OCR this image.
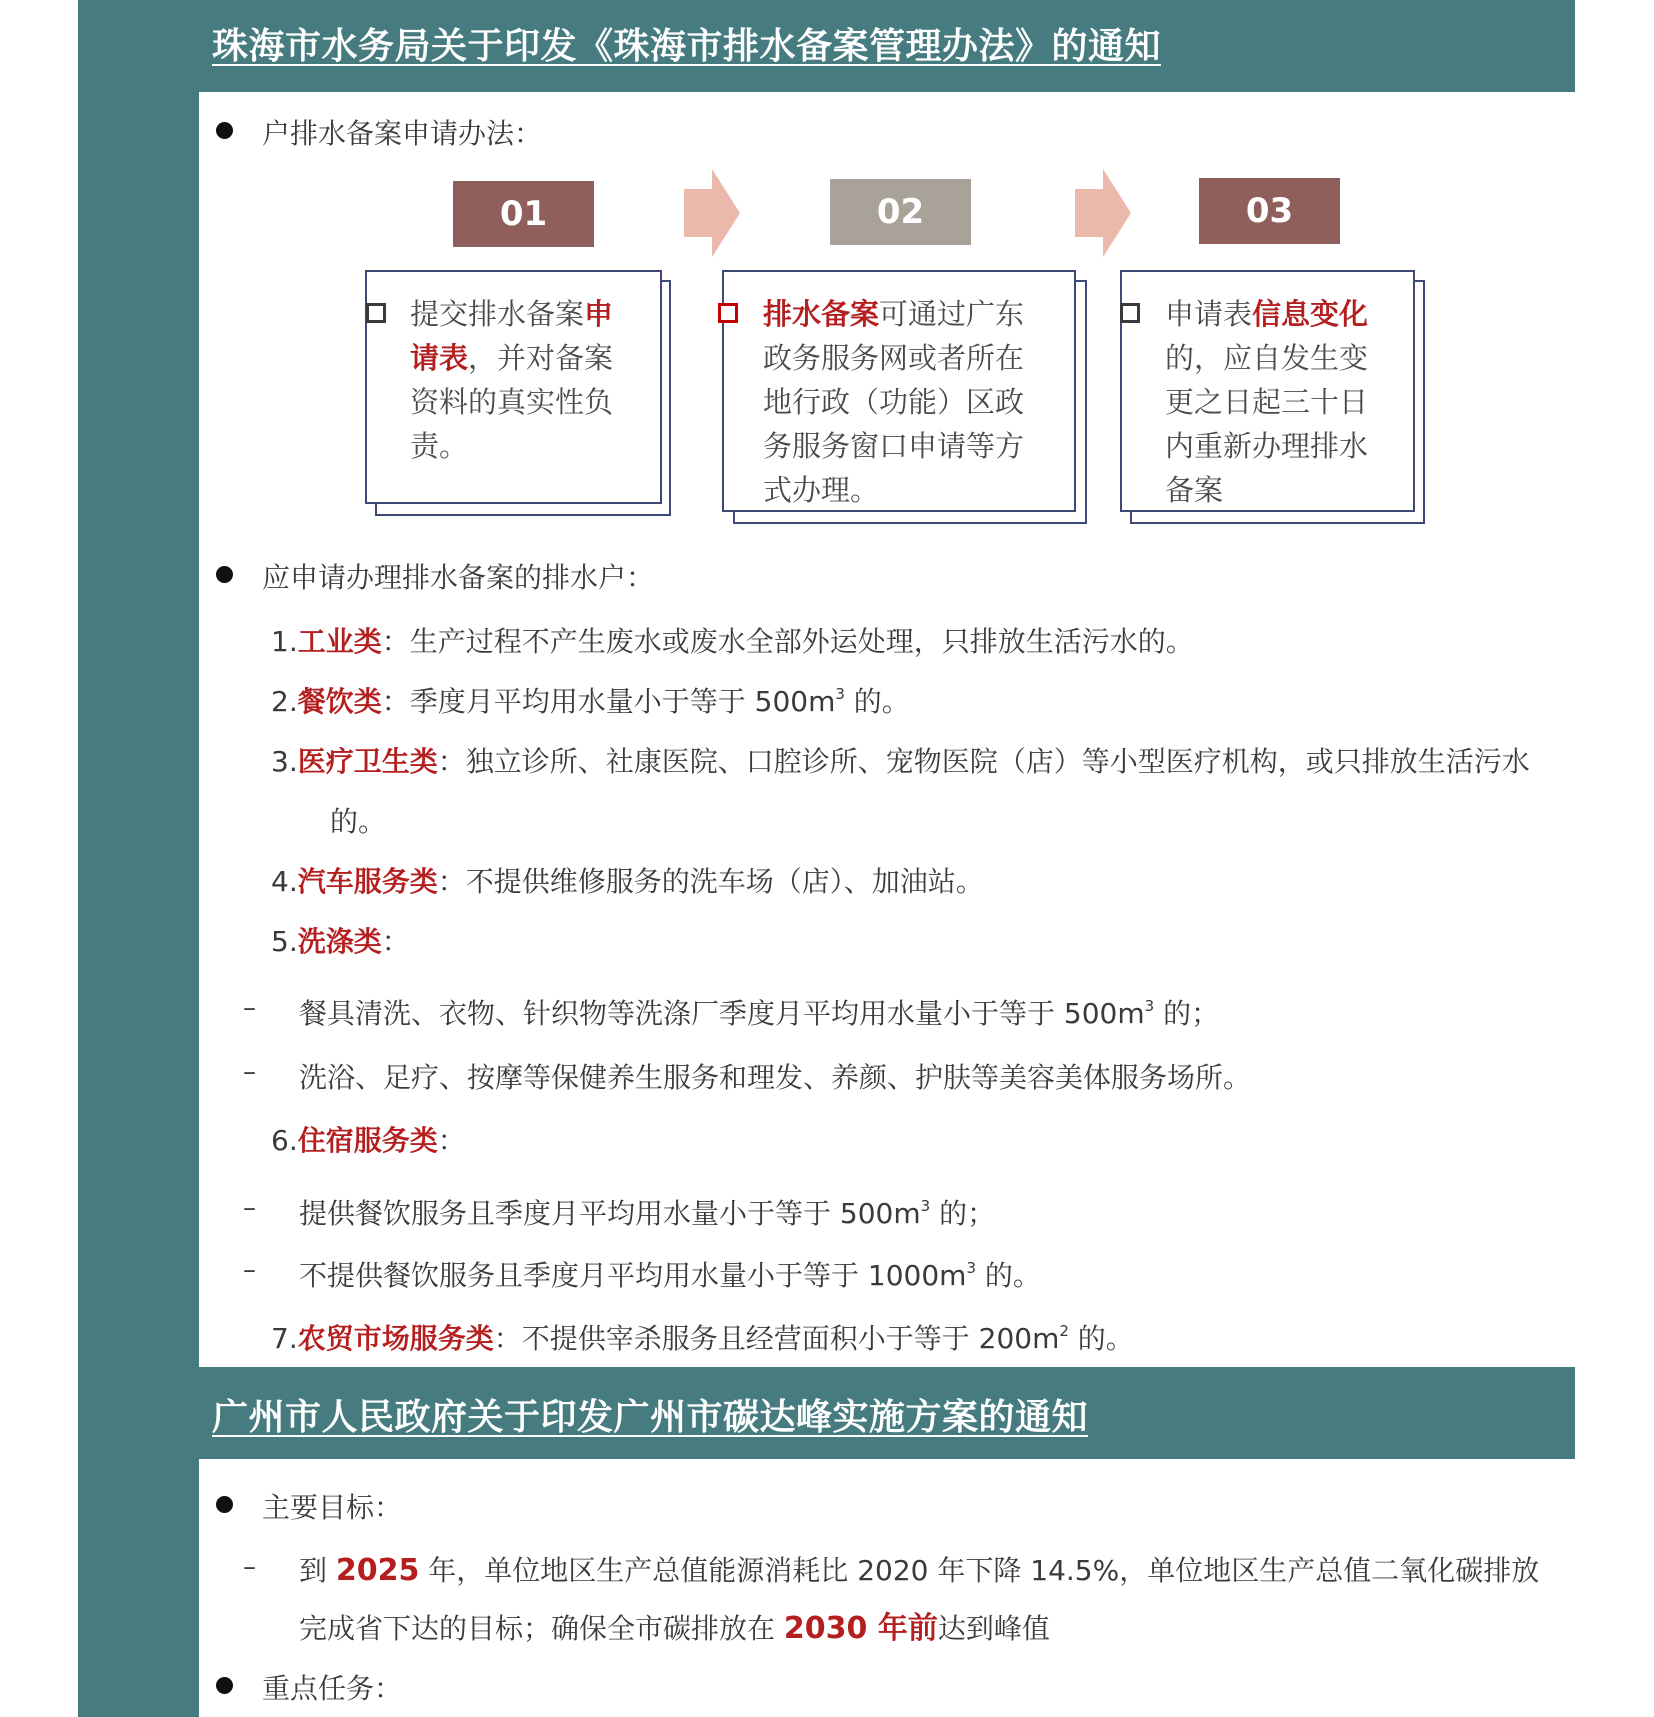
珠海市水务局关于印发《珠海市排水备案管理办法》的通知
户排水备案申请办法：
01	02	03
提交排水备案申
请表，并对备案
资料的真实性负
责。
排水备案可通过广东
政务服务网或者所在
地行政（功能）区政
务服务窗口申请等方
式办理。
申请表信息变化
的，应自发生变
更之日起三十日
内重新办理排水
备案
应申请办理排水备案的排水户：
1.工业类：生产过程不产生废水或废水全部外运处理，只排放生活污水的。
2.餐饮类：季度月平均用水量小于等于 $500m^3$ 的。
3.医疗卫生类：独立诊所、社康医院、口腔诊所、宠物医院（店）等小型医疗机构，或只排放生活污水
的。
4.汽车服务类：不提供维修服务的洗车场（店）、加油站。
5.洗涤类：
– 餐具清洗、衣物、针织物等洗涤厂季度月平均用水量小于等于 $500m^3$ 的；
– 洗浴、足疗、按摩等保健养生服务和理发、养颜、护肤等美容美体服务场所。
6.住宿服务类：
– 提供餐饮服务且季度月平均用水量小于等于 $500m^3$ 的；
– 不提供餐饮服务且季度月平均用水量小于等于 $1000m^3$ 的。
7.农贸市场服务类：不提供宰杀服务且经营面积小于等于 $200m^2$ 的。
广州市人民政府关于印发广州市碳达峰实施方案的通知
主要目标：
– 到 2025 年，单位地区生产总值能源消耗比 2020 年下降 14.5%，单位地区生产总值二氧化碳排放
完成省下达的目标；确保全市碳排放在 2030 年前达到峰值
重点任务：
